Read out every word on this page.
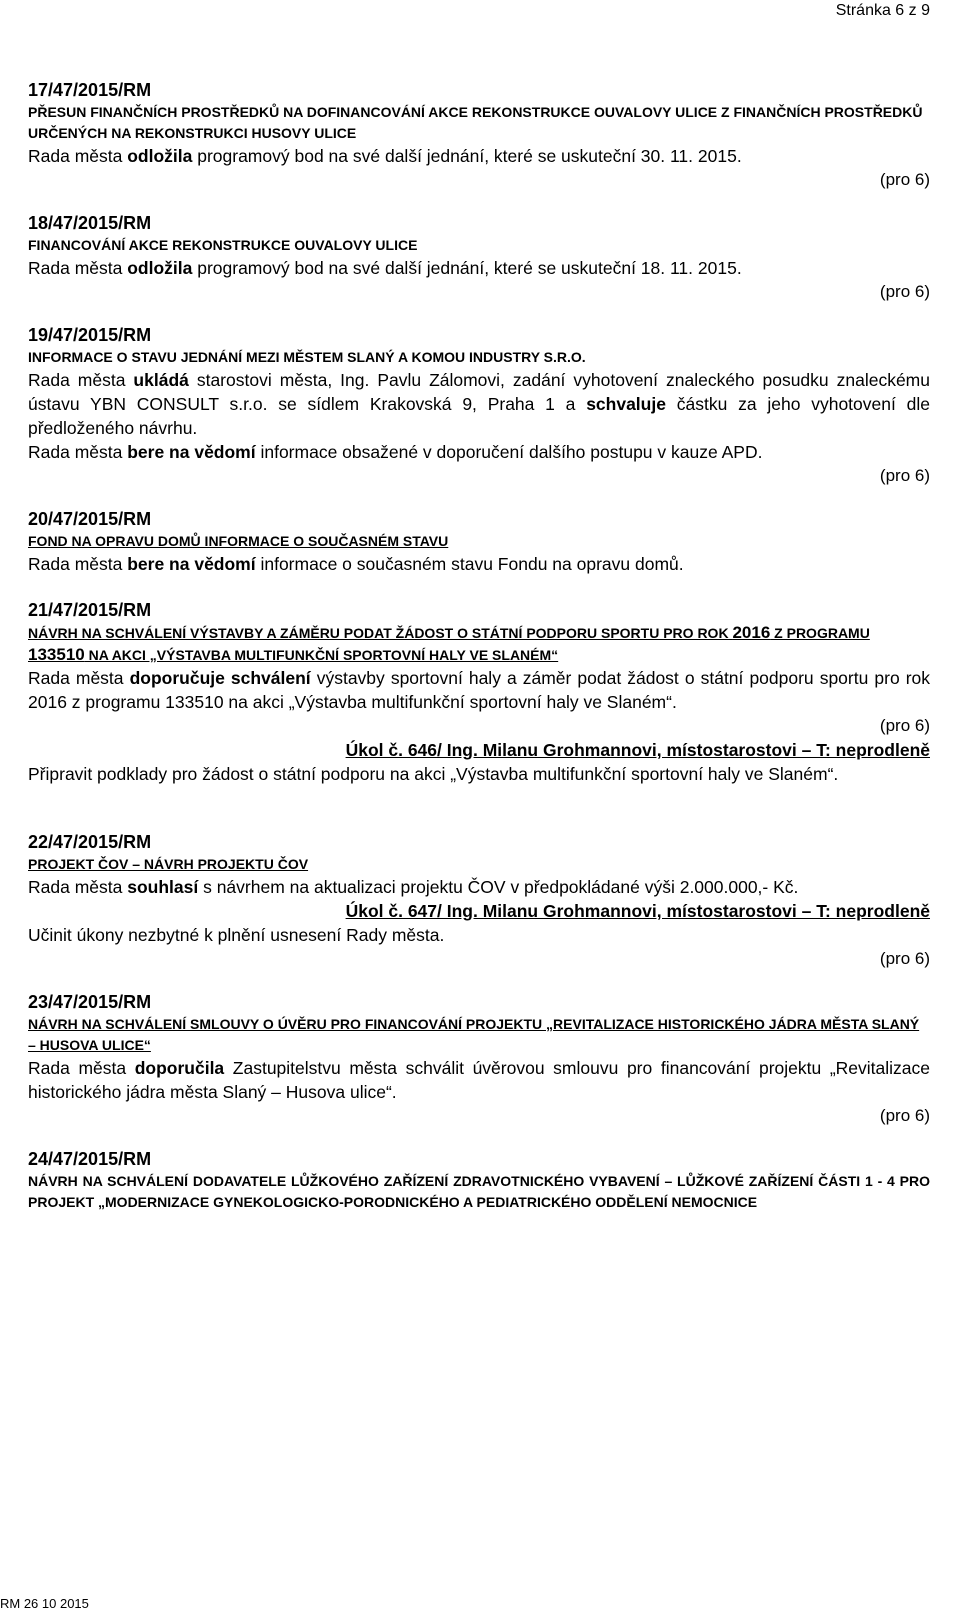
Stránka 6 z 9

17/47/2015/RM

PŘESUN FINANČNÍCH PROSTŘEDKŮ NA DOFINANCOVÁNÍ AKCE REKONSTRUKCE OUVALOVY ULICE Z FINANČNÍCH PROSTŘEDKŮ URČENÝCH NA REKONSTRUKCI HUSOVY ULICE

Rada města odložila programový bod na své další jednání, které se uskuteční 30. 11. 2015.

(pro 6)

18/47/2015/RM

FINANCOVÁNÍ AKCE REKONSTRUKCE OUVALOVY ULICE

Rada města odložila programový bod na své další jednání, které se uskuteční 18. 11. 2015.

(pro 6)

19/47/2015/RM

INFORMACE O STAVU JEDNÁNÍ MEZI MĚSTEM SLANÝ A KOMOU INDUSTRY S.R.O.

Rada města ukládá starostovi města, Ing. Pavlu Zálomovi, zadání vyhotovení znaleckého posudku znaleckému ústavu YBN CONSULT s.r.o. se sídlem Krakovská 9, Praha 1 a schvaluje částku za jeho vyhotovení dle předloženého návrhu.

Rada města bere na vědomí informace obsažené v doporučení dalšího postupu v kauze APD.

(pro 6)

20/47/2015/RM

FOND NA OPRAVU DOMŮ INFORMACE O SOUČASNÉM STAVU

Rada města bere na vědomí informace o současném stavu Fondu na opravu domů.

21/47/2015/RM

NÁVRH NA SCHVÁLENÍ VÝSTAVBY A ZÁMĚRU PODAT ŽÁDOST O STÁTNÍ PODPORU SPORTU PRO ROK 2016 Z PROGRAMU 133510 NA AKCI „VÝSTAVBA MULTIFUNKČNÍ SPORTOVNÍ HALY VE SLANÉM“

Rada města doporučuje schválení výstavby sportovní haly a záměr podat žádost o státní podporu sportu pro rok 2016 z programu 133510 na akci „Výstavba multifunkční sportovní haly ve Slaném“.

(pro 6)

Úkol č. 646/ Ing. Milanu Grohmannovi, místostarostovi – T: neprodleně

Připravit podklady pro žádost o státní podporu na akci „Výstavba multifunkční sportovní haly ve Slaném“.

22/47/2015/RM

PROJEKT ČOV – NÁVRH PROJEKTU ČOV

Rada města souhlasí s návrhem na aktualizaci projektu ČOV v předpokládané výši 2.000.000,- Kč.

Úkol č. 647/ Ing. Milanu Grohmannovi, místostarostovi – T: neprodleně

Učinit úkony nezbytné k plnění usnesení Rady města.

(pro 6)

23/47/2015/RM

NÁVRH NA SCHVÁLENÍ SMLOUVY O ÚVĚRU PRO FINANCOVÁNÍ PROJEKTU „REVITALIZACE HISTORICKÉHO JÁDRA MĚSTA SLANÝ – HUSOVA ULICE“

Rada města doporučila Zastupitelstvu města schválit úvěrovou smlouvu pro financování projektu „Revitalizace historického jádra města Slaný – Husova ulice“.

(pro 6)

24/47/2015/RM

NÁVRH NA SCHVÁLENÍ DODAVATELE LŮŽKOVÉHO ZAŘÍZENÍ ZDRAVOTNICKÉHO VYBAVENÍ – LŮŽKOVÉ ZAŘÍZENÍ ČÁSTI 1 - 4 PRO PROJEKT „MODERNIZACE GYNEKOLOGICKO-PORODNICKÉHO A PEDIATRICKÉHO ODDĚLENÍ NEMOCNICE

RM 26 10 2015
